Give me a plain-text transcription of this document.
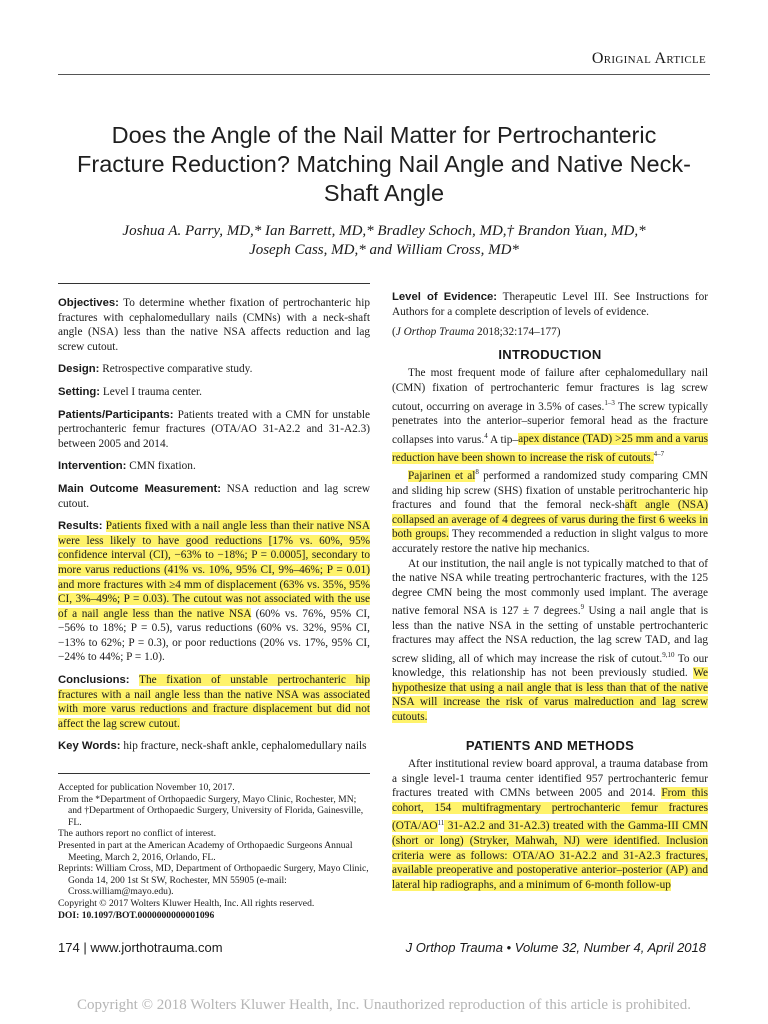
Original Article
Does the Angle of the Nail Matter for Pertrochanteric Fracture Reduction? Matching Nail Angle and Native Neck-Shaft Angle
Joshua A. Parry, MD,* Ian Barrett, MD,* Bradley Schoch, MD,† Brandon Yuan, MD,*
Joseph Cass, MD,* and William Cross, MD*

Objectives: To determine whether fixation of pertrochanteric hip fractures with cephalomedullary nails (CMNs) with a neck-shaft angle (NSA) less than the native NSA affects reduction and lag screw cutout.

Design: Retrospective comparative study.

Setting: Level I trauma center.

Patients/Participants: Patients treated with a CMN for unstable pertrochanteric femur fractures (OTA/AO 31-A2.2 and 31-A2.3) between 2005 and 2014.

Intervention: CMN fixation.

Main Outcome Measurement: NSA reduction and lag screw cutout.

Results: Patients fixed with a nail angle less than their native NSA were less likely to have good reductions [17% vs. 60%, 95% confidence interval (CI), −63% to −18%; P = 0.0005], secondary to more varus reductions (41% vs. 10%, 95% CI, 9%–46%; P = 0.01) and more fractures with ≥4 mm of displacement (63% vs. 35%, 95% CI, 3%–49%; P = 0.03). The cutout was not associated with the use of a nail angle less than the native NSA (60% vs. 76%, 95% CI, −56% to 18%; P = 0.5), varus reductions (60% vs. 32%, 95% CI, −13% to 62%; P = 0.3), or poor reductions (20% vs. 17%, 95% CI, −24% to 44%; P = 1.0).

Conclusions: The fixation of unstable pertrochanteric hip fractures with a nail angle less than the native NSA was associated with more varus reductions and fracture displacement but did not affect the lag screw cutout.

Key Words: hip fracture, neck-shaft ankle, cephalomedullary nails

Accepted for publication November 10, 2017.

From the *Department of Orthopaedic Surgery, Mayo Clinic, Rochester, MN; and †Department of Orthopaedic Surgery, University of Florida, Gainesville, FL.

The authors report no conflict of interest.

Presented in part at the American Academy of Orthopaedic Surgeons Annual Meeting, March 2, 2016, Orlando, FL.

Reprints: William Cross, MD, Department of Orthopaedic Surgery, Mayo Clinic, Gonda 14, 200 1st St SW, Rochester, MN 55905 (e-mail: Cross.william@mayo.edu).

Copyright © 2017 Wolters Kluwer Health, Inc. All rights reserved.

DOI: 10.1097/BOT.0000000000001096

Level of Evidence: Therapeutic Level III. See Instructions for Authors for a complete description of levels of evidence.

(J Orthop Trauma 2018;32:174–177)

INTRODUCTION

The most frequent mode of failure after cephalomedullary nail (CMN) fixation of pertrochanteric femur fractures is lag screw cutout, occurring on average in 3.5% of cases.$^{1-3}$ The screw typically penetrates into the anterior–superior femoral head as the fracture collapses into varus.$^4$ A tip–apex distance (TAD) >25 mm and a varus reduction have been shown to increase the risk of cutouts.$^{4-7}$

Pajarinen et $al^8$ performed a randomized study comparing CMN and sliding hip screw (SHS) fixation of unstable peritrochanteric hip fractures and found that the femoral neck-shaft angle (NSA) collapsed an average of 4 degrees of varus during the first 6 weeks in both groups. They recommended a reduction in slight valgus to more accurately restore the native hip mechanics.

At our institution, the nail angle is not typically matched to that of the native NSA while treating pertrochanteric fractures, with the 125 degree CMN being the most commonly used implant. The average native femoral NSA is 127 ± 7 degrees.$^9$ Using a nail angle that is less than the native NSA in the setting of unstable pertrochanteric fractures may affect the NSA reduction, the lag screw TAD, and lag screw sliding, all of which may increase the risk of cutout.$^{9,10}$ To our knowledge, this relationship has not been previously studied. We hypothesize that using a nail angle that is less than that of the native NSA will increase the risk of varus malreduction and lag screw cutouts.

PATIENTS AND METHODS

After institutional review board approval, a trauma database from a single level-1 trauma center identified 957 pertrochanteric femur fractures treated with CMNs between 2005 and 2014. From this cohort, 154 multifragmentary pertrochanteric femur fractures (OTA/AO$^{11}$ 31-A2.2 and 31-A2.3) treated with the Gamma-III CMN (short or long) (Stryker, Mahwah, NJ) were identified. Inclusion criteria were as follows: OTA/AO 31-A2.2 and 31-A2.3 fractures, available preoperative and postoperative anterior–posterior (AP) and lateral hip radiographs, and a minimum of 6-month follow-up

174 | www.jorthotrauma.com	J Orthop Trauma • Volume 32, Number 4, April 2018
Copyright © 2018 Wolters Kluwer Health, Inc. Unauthorized reproduction of this article is prohibited.
